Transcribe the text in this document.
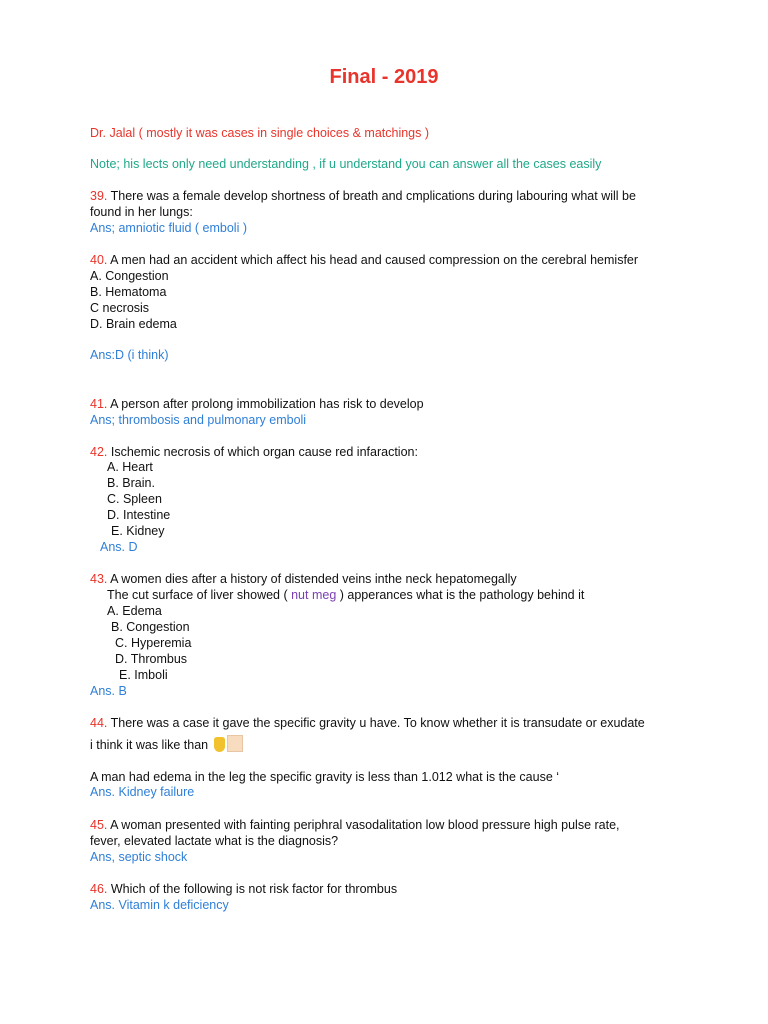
Final - 2019
Dr. Jalal ( mostly it was cases in single choices & matchings )
Note; his lects only need understanding , if u understand you can answer all the cases easily
39. There was a female develop shortness of breath and cmplications during labouring what will be
found in her lungs:
Ans; amniotic fluid ( emboli )
40. A men had an accident which affect his head and caused compression on the cerebral hemisfer
A. Congestion
B. Hematoma
C necrosis
D. Brain edema
Ans:D (i think)
41. A person after prolong immobilization has risk to develop
Ans; thrombosis and pulmonary emboli
42. Ischemic necrosis of which organ cause red infaraction:
A. Heart
B. Brain.
C. Spleen
D. Intestine
E. Kidney
Ans. D
43. A women dies after a history of distended veins inthe neck hepatomegally
The cut surface of liver showed ( nut meg ) apperances what is the pathology behind it
A. Edema
B. Congestion
C. Hyperemia
D. Thrombus
E. Imboli
Ans. B
44. There was a case it gave the specific gravity u have. To know whether it is transudate or exudate
i think it was like than
A man had edema in the leg the specific gravity is less than 1.012 what is the cause ‘
Ans. Kidney failure
45. A woman presented with fainting periphral vasodalitation low blood pressure high pulse rate,
fever, elevated lactate what is the diagnosis?
Ans, septic shock
46. Which of the following is not risk factor for thrombus
Ans. Vitamin k deficiency
